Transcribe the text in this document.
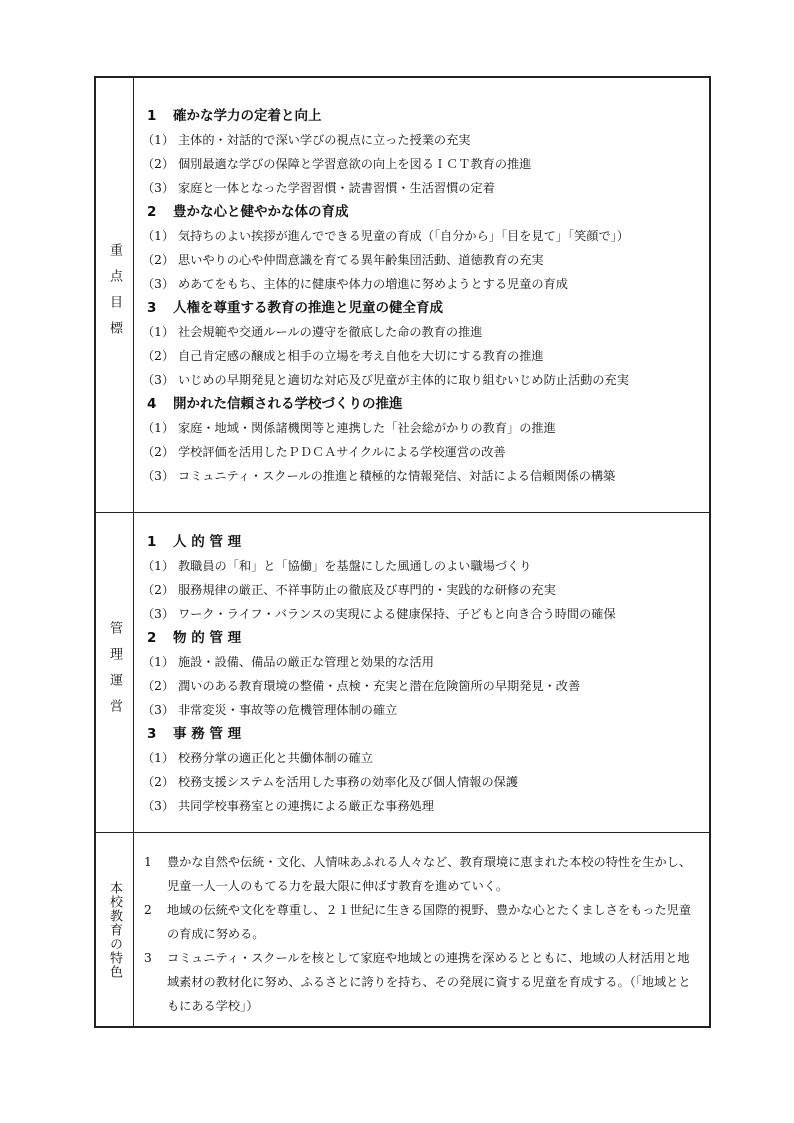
重点目標
1 確かな学力の定着と向上
（1） 主体的・対話的で深い学びの視点に立った授業の充実
（2） 個別最適な学びの保障と学習意欲の向上を図るＩＣＴ教育の推進
（3） 家庭と一体となった学習習慣・読書習慣・生活習慣の定着
2 豊かな心と健やかな体の育成
（1） 気持ちのよい挨拶が進んでできる児童の育成（「自分から」「目を見て」「笑顔で」）
（2） 思いやりの心や仲間意識を育てる異年齢集団活動、道徳教育の充実
（3） めあてをもち、主体的に健康や体力の増進に努めようとする児童の育成
3 人権を尊重する教育の推進と児童の健全育成
（1） 社会規範や交通ルールの遵守を徹底した命の教育の推進
（2） 自己肯定感の醸成と相手の立場を考え自他を大切にする教育の推進
（3） いじめの早期発見と適切な対応及び児童が主体的に取り組むいじめ防止活動の充実
4 開かれた信頼される学校づくりの推進
（1） 家庭・地域・関係諸機関等と連携した「社会総がかりの教育」の推進
（2） 学校評価を活用したＰＤＣＡサイクルによる学校運営の改善
（3） コミュニティ・スクールの推進と積極的な情報発信、対話による信頼関係の構築
管理運営
1 人 的 管 理
（1） 教職員の「和」と「協働」を基盤にした風通しのよい職場づくり
（2） 服務規律の厳正、不祥事防止の徹底及び専門的・実践的な研修の充実
（3） ワーク・ライフ・バランスの実現による健康保持、子どもと向き合う時間の確保
2 物 的 管 理
（1） 施設・設備、備品の厳正な管理と効果的な活用
（2） 潤いのある教育環境の整備・点検・充実と潜在危険箇所の早期発見・改善
（3） 非常変災・事故等の危機管理体制の確立
3 事 務 管 理
（1） 校務分掌の適正化と共働体制の確立
（2） 校務支援システムを活用した事務の効率化及び個人情報の保護
（3） 共同学校事務室との連携による厳正な事務処理
本校教育の特色
1	豊かな自然や伝統・文化、人情味あふれる人々など、教育環境に恵まれた本校の特性を生かし、児童一人一人のもてる力を最大限に伸ばす教育を進めていく。
2	地域の伝統や文化を尊重し、２１世紀に生きる国際的視野、豊かな心とたくましさをもった児童の育成に努める。
3	コミュニティ・スクールを核として家庭や地域との連携を深めるとともに、地域の人材活用と地域素材の教材化に努め、ふるさとに誇りを持ち、その発展に資する児童を育成する。（「地域とともにある学校」）
